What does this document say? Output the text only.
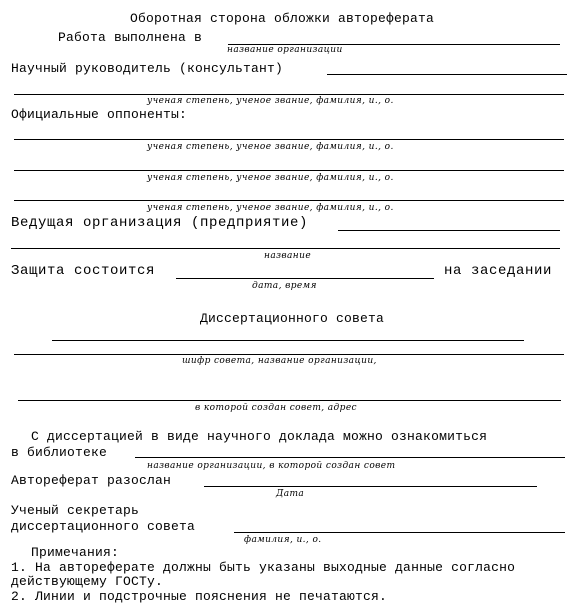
Оборотная сторона обложки автореферата
Работа выполнена в
название организации
Научный руководитель (консультант)
ученая степень, ученое звание, фамилия, и., о.
Официальные оппоненты:
ученая степень, ученое звание, фамилия, и., о.
ученая степень, ученое звание, фамилия, и., о.
ученая степень, ученое звание, фамилия, и., о.
Ведущая организация (предприятие)
название
Защита состоится	на заседании
дата, время
Диссертационного совета
шифр совета, название организации,
в которой создан совет, адрес
С диссертацией в виде научного доклада можно ознакомиться
в библиотеке
название организации, в которой создан совет
Автореферат разослан
Дата
Ученый секретарь
диссертационного совета
фамилия, и., о.
Примечания:
1. На автореферате должны быть указаны выходные данные согласно
действующему ГОСТу.
2. Линии и подстрочные пояснения не печатаются.
